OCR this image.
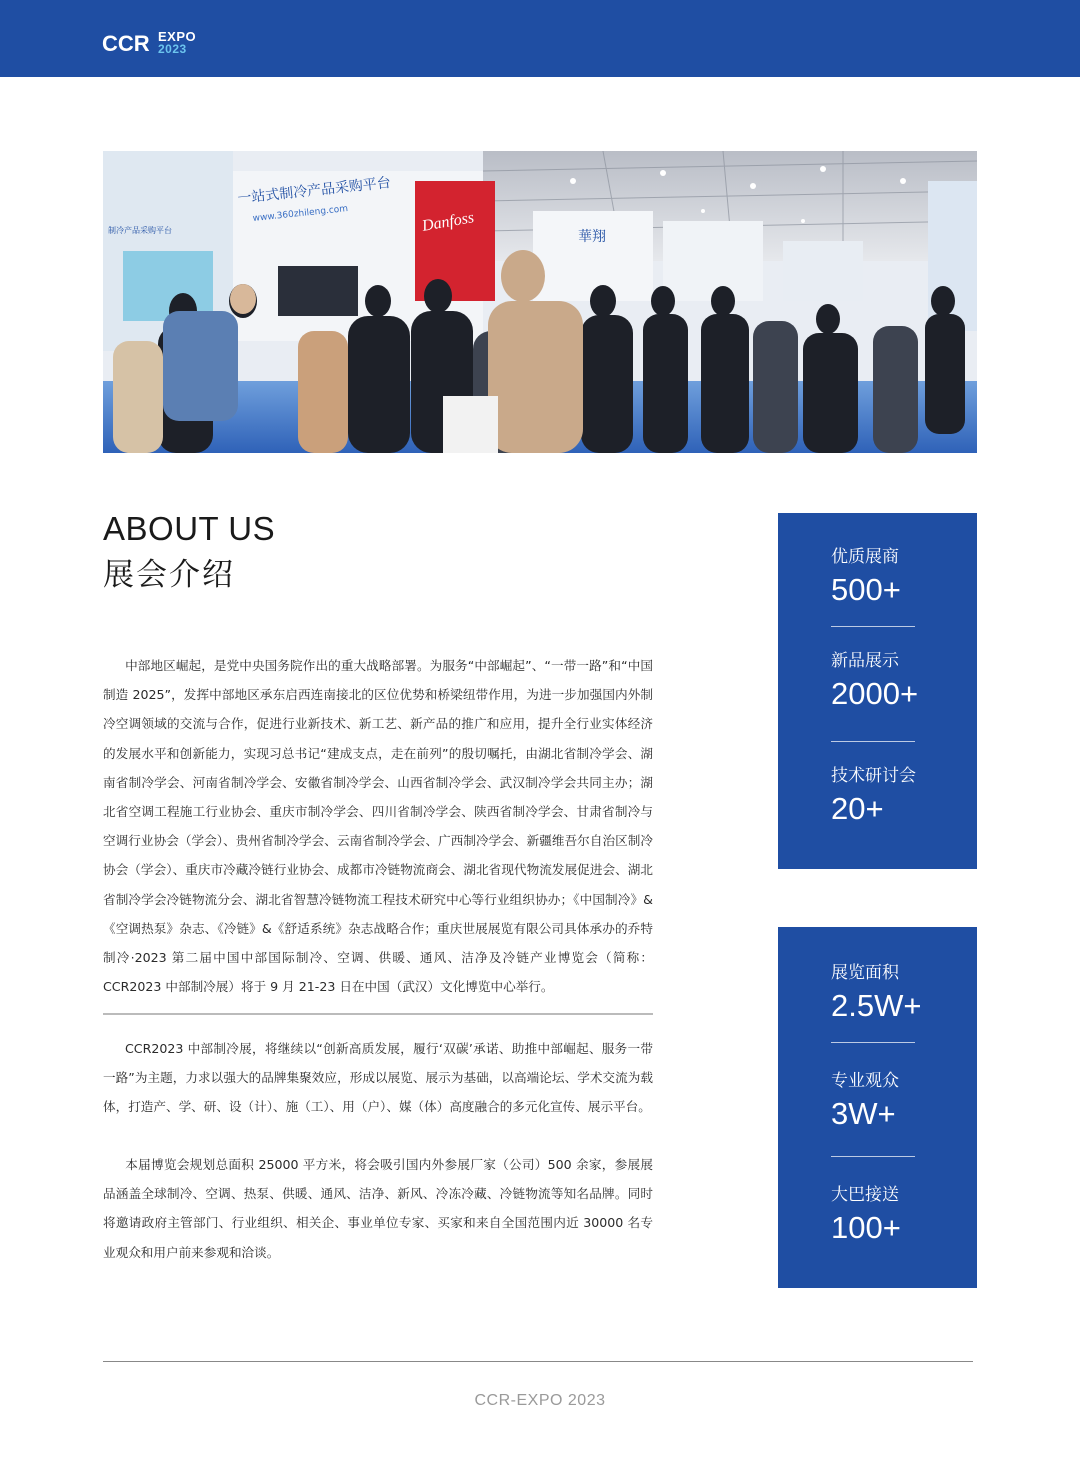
CCR EXPO
2023
一站式制冷产品采购平台
www.360zhileng.com
制冷产品采购平台	Danfoss
華翔
ABOUT US
展会介绍

中部地区崛起，是党中央国务院作出的重大战略部署。为服务“中部崛起”、“一带一路”和“中国制造 2025”，发挥中部地区承东启西连南接北的区位优势和桥梁纽带作用，为进一步加强国内外制冷空调领域的交流与合作，促进行业新技术、新工艺、新产品的推广和应用，提升全行业实体经济的发展水平和创新能力，实现习总书记“建成支点，走在前列”的殷切嘱托，由湖北省制冷学会、湖南省制冷学会、河南省制冷学会、安徽省制冷学会、山西省制冷学会、武汉制冷学会共同主办；湖北省空调工程施工行业协会、重庆市制冷学会、四川省制冷学会、陕西省制冷学会、甘肃省制冷与空调行业协会（学会）、贵州省制冷学会、云南省制冷学会、广西制冷学会、新疆维吾尔自治区制冷协会（学会）、重庆市冷藏冷链行业协会、成都市冷链物流商会、湖北省现代物流发展促进会、湖北省制冷学会冷链物流分会、湖北省智慧冷链物流工程技术研究中心等行业组织协办；《中国制冷》&《空调热泵》杂志、《冷链》&《舒适系统》杂志战略合作；重庆世展展览有限公司具体承办的乔特制冷·2023 第二届中国中部国际制冷、空调、供暖、通风、洁净及冷链产业博览会（简称：CCR2023 中部制冷展）将于 9 月 21-23 日在中国（武汉）文化博览中心举行。

CCR2023 中部制冷展，将继续以“创新高质发展，履行‘双碳’承诺、助推中部崛起、服务一带一路”为主题，力求以强大的品牌集聚效应，形成以展览、展示为基础，以高端论坛、学术交流为载体，打造产、学、研、设（计）、施（工）、用（户）、媒（体）高度融合的多元化宣传、展示平台。

本届博览会规划总面积 25000 平方米，将会吸引国内外参展厂家（公司）500 余家，参展展品涵盖全球制冷、空调、热泵、供暖、通风、洁净、新风、冷冻冷藏、冷链物流等知名品牌。同时将邀请政府主管部门、行业组织、相关企、事业单位专家、买家和来自全国范围内近 30000 名专业观众和用户前来参观和洽谈。

优质展商
500+
新品展示
2000+
技术研讨会
20+
展览面积
2.5W+
专业观众
3W+
大巴接送
100+
CCR-EXPO 2023
